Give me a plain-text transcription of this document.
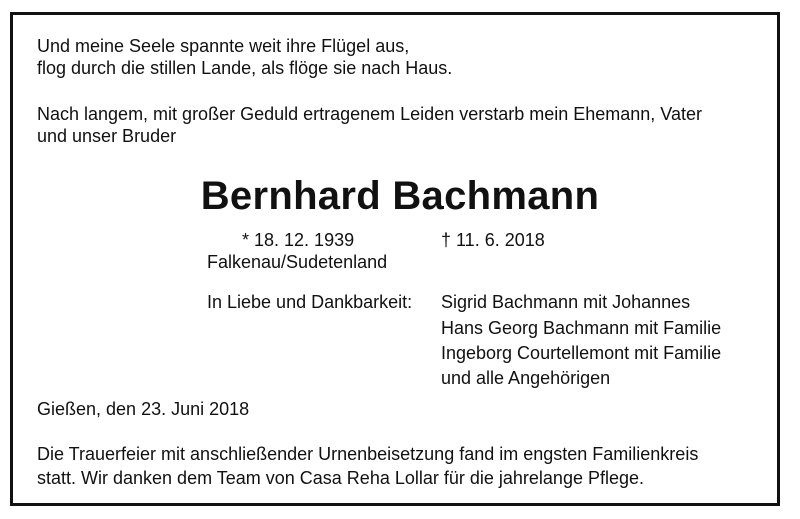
Und meine Seele spannte weit ihre Flügel aus,
flog durch die stillen Lande, als flöge sie nach Haus.
Nach langem, mit großer Geduld ertragenem Leiden verstarb mein Ehemann, Vater
und unser Bruder
Bernhard Bachmann
* 18. 12. 1939	† 11. 6. 2018
Falkenau/Sudetenland
In Liebe und Dankbarkeit: Sigrid Bachmann mit Johannes
Hans Georg Bachmann mit Familie
Ingeborg Courtellemont mit Familie
und alle Angehörigen
Gießen, den 23. Juni 2018
Die Trauerfeier mit anschließender Urnenbeisetzung fand im engsten Familienkreis
statt. Wir danken dem Team von Casa Reha Lollar für die jahrelange Pflege.
